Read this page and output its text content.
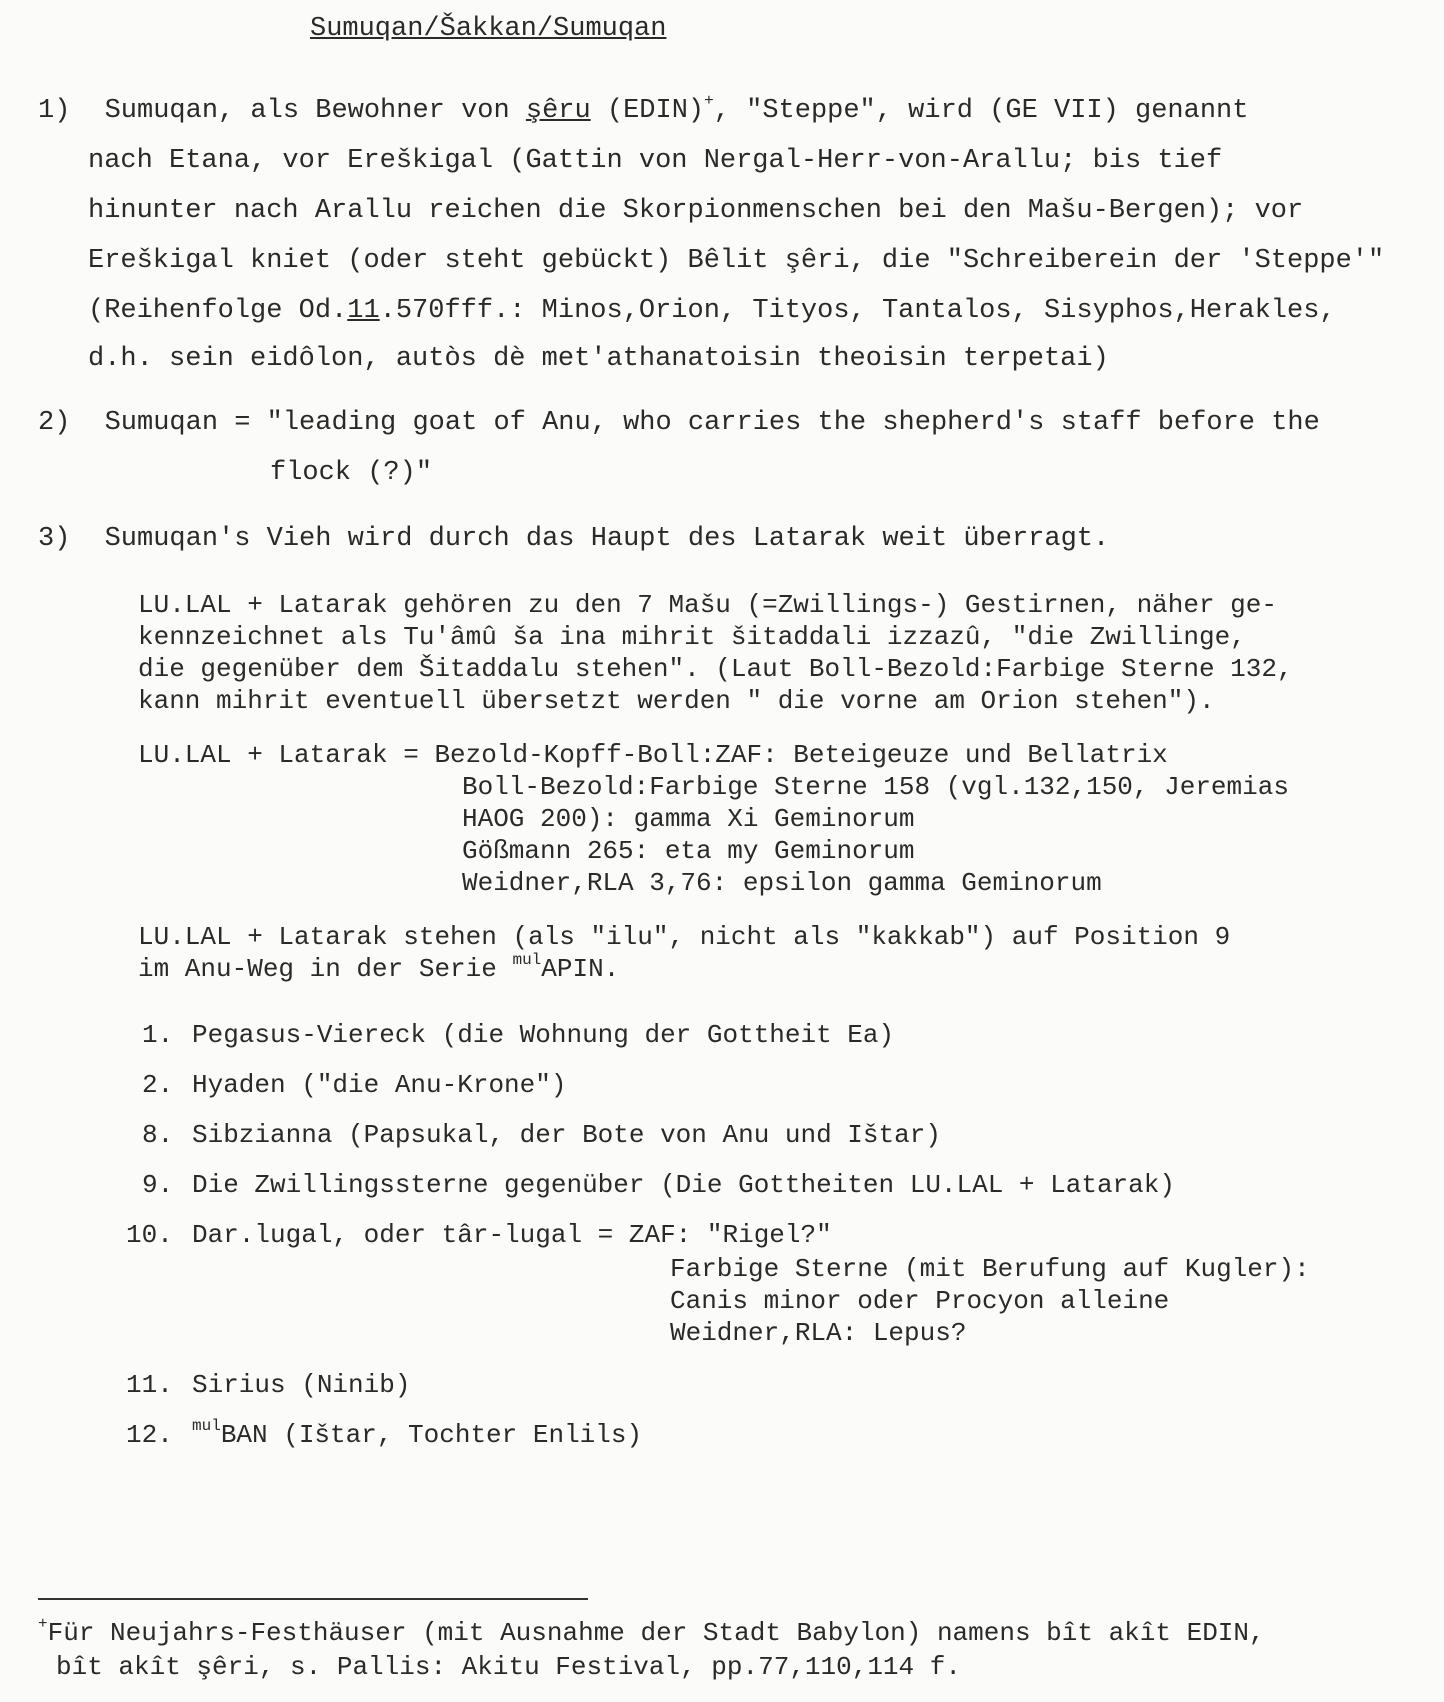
Sumuqan/Šakkan/Sumuqan
1) Sumuqan, als Bewohner von şêru (EDIN)+, "Steppe", wird (GE VII) genannt
nach Etana, vor Ereškigal (Gattin von Nergal-Herr-von-Arallu; bis tief
hinunter nach Arallu reichen die Skorpionmenschen bei den Mašu-Bergen); vor
Ereškigal kniet (oder steht gebückt) Bêlit şêri, die "Schreiberein der 'Steppe'"
(Reihenfolge Od.11.570fff.: Minos,Orion, Tityos, Tantalos, Sisyphos,Herakles,
d.h. sein eidôlon, autòs dè met'athanatoisin theoisin terpetai)
2) Sumuqan = "leading goat of Anu, who carries the shepherd's staff before the
flock (?)"
3) Sumuqan's Vieh wird durch das Haupt des Latarak weit überragt.
LU.LAL + Latarak gehören zu den 7 Mašu (=Zwillings-) Gestirnen, näher ge-
kennzeichnet als Tu'âmû ša ina mihrit šitaddali izzazû, "die Zwillinge,
die gegenüber dem Šitaddalu stehen". (Laut Boll-Bezold:Farbige Sterne 132,
kann mihrit eventuell übersetzt werden " die vorne am Orion stehen").
LU.LAL + Latarak = Bezold-Kopff-Boll:ZAF: Beteigeuze und Bellatrix
Boll-Bezold:Farbige Sterne 158 (vgl.132,150, Jeremias
HAOG 200): gamma Xi Geminorum
Gößmann 265: eta my Geminorum
Weidner,RLA 3,76: epsilon gamma Geminorum
LU.LAL + Latarak stehen (als "ilu", nicht als "kakkab") auf Position 9
im Anu-Weg in der Serie $^{mul}$APIN.
1. Pegasus-Viereck (die Wohnung der Gottheit Ea)
2. Hyaden ("die Anu-Krone")
8. Sibzianna (Papsukal, der Bote von Anu und Ištar)
9. Die Zwillingssterne gegenüber (Die Gottheiten LU.LAL + Latarak)
10. Dar.lugal, oder târ-lugal = ZAF: "Rigel?"
Farbige Sterne (mit Berufung auf Kugler):
Canis minor oder Procyon alleine
Weidner,RLA: Lepus?
11. Sirius (Ninib)
12. $^{mul}$BAN (Ištar, Tochter Enlils)
+Für Neujahrs-Festhäuser (mit Ausnahme der Stadt Babylon) namens bît akît EDIN,
bît akît şêri, s. Pallis: Akitu Festival, pp.77,110,114 f.
